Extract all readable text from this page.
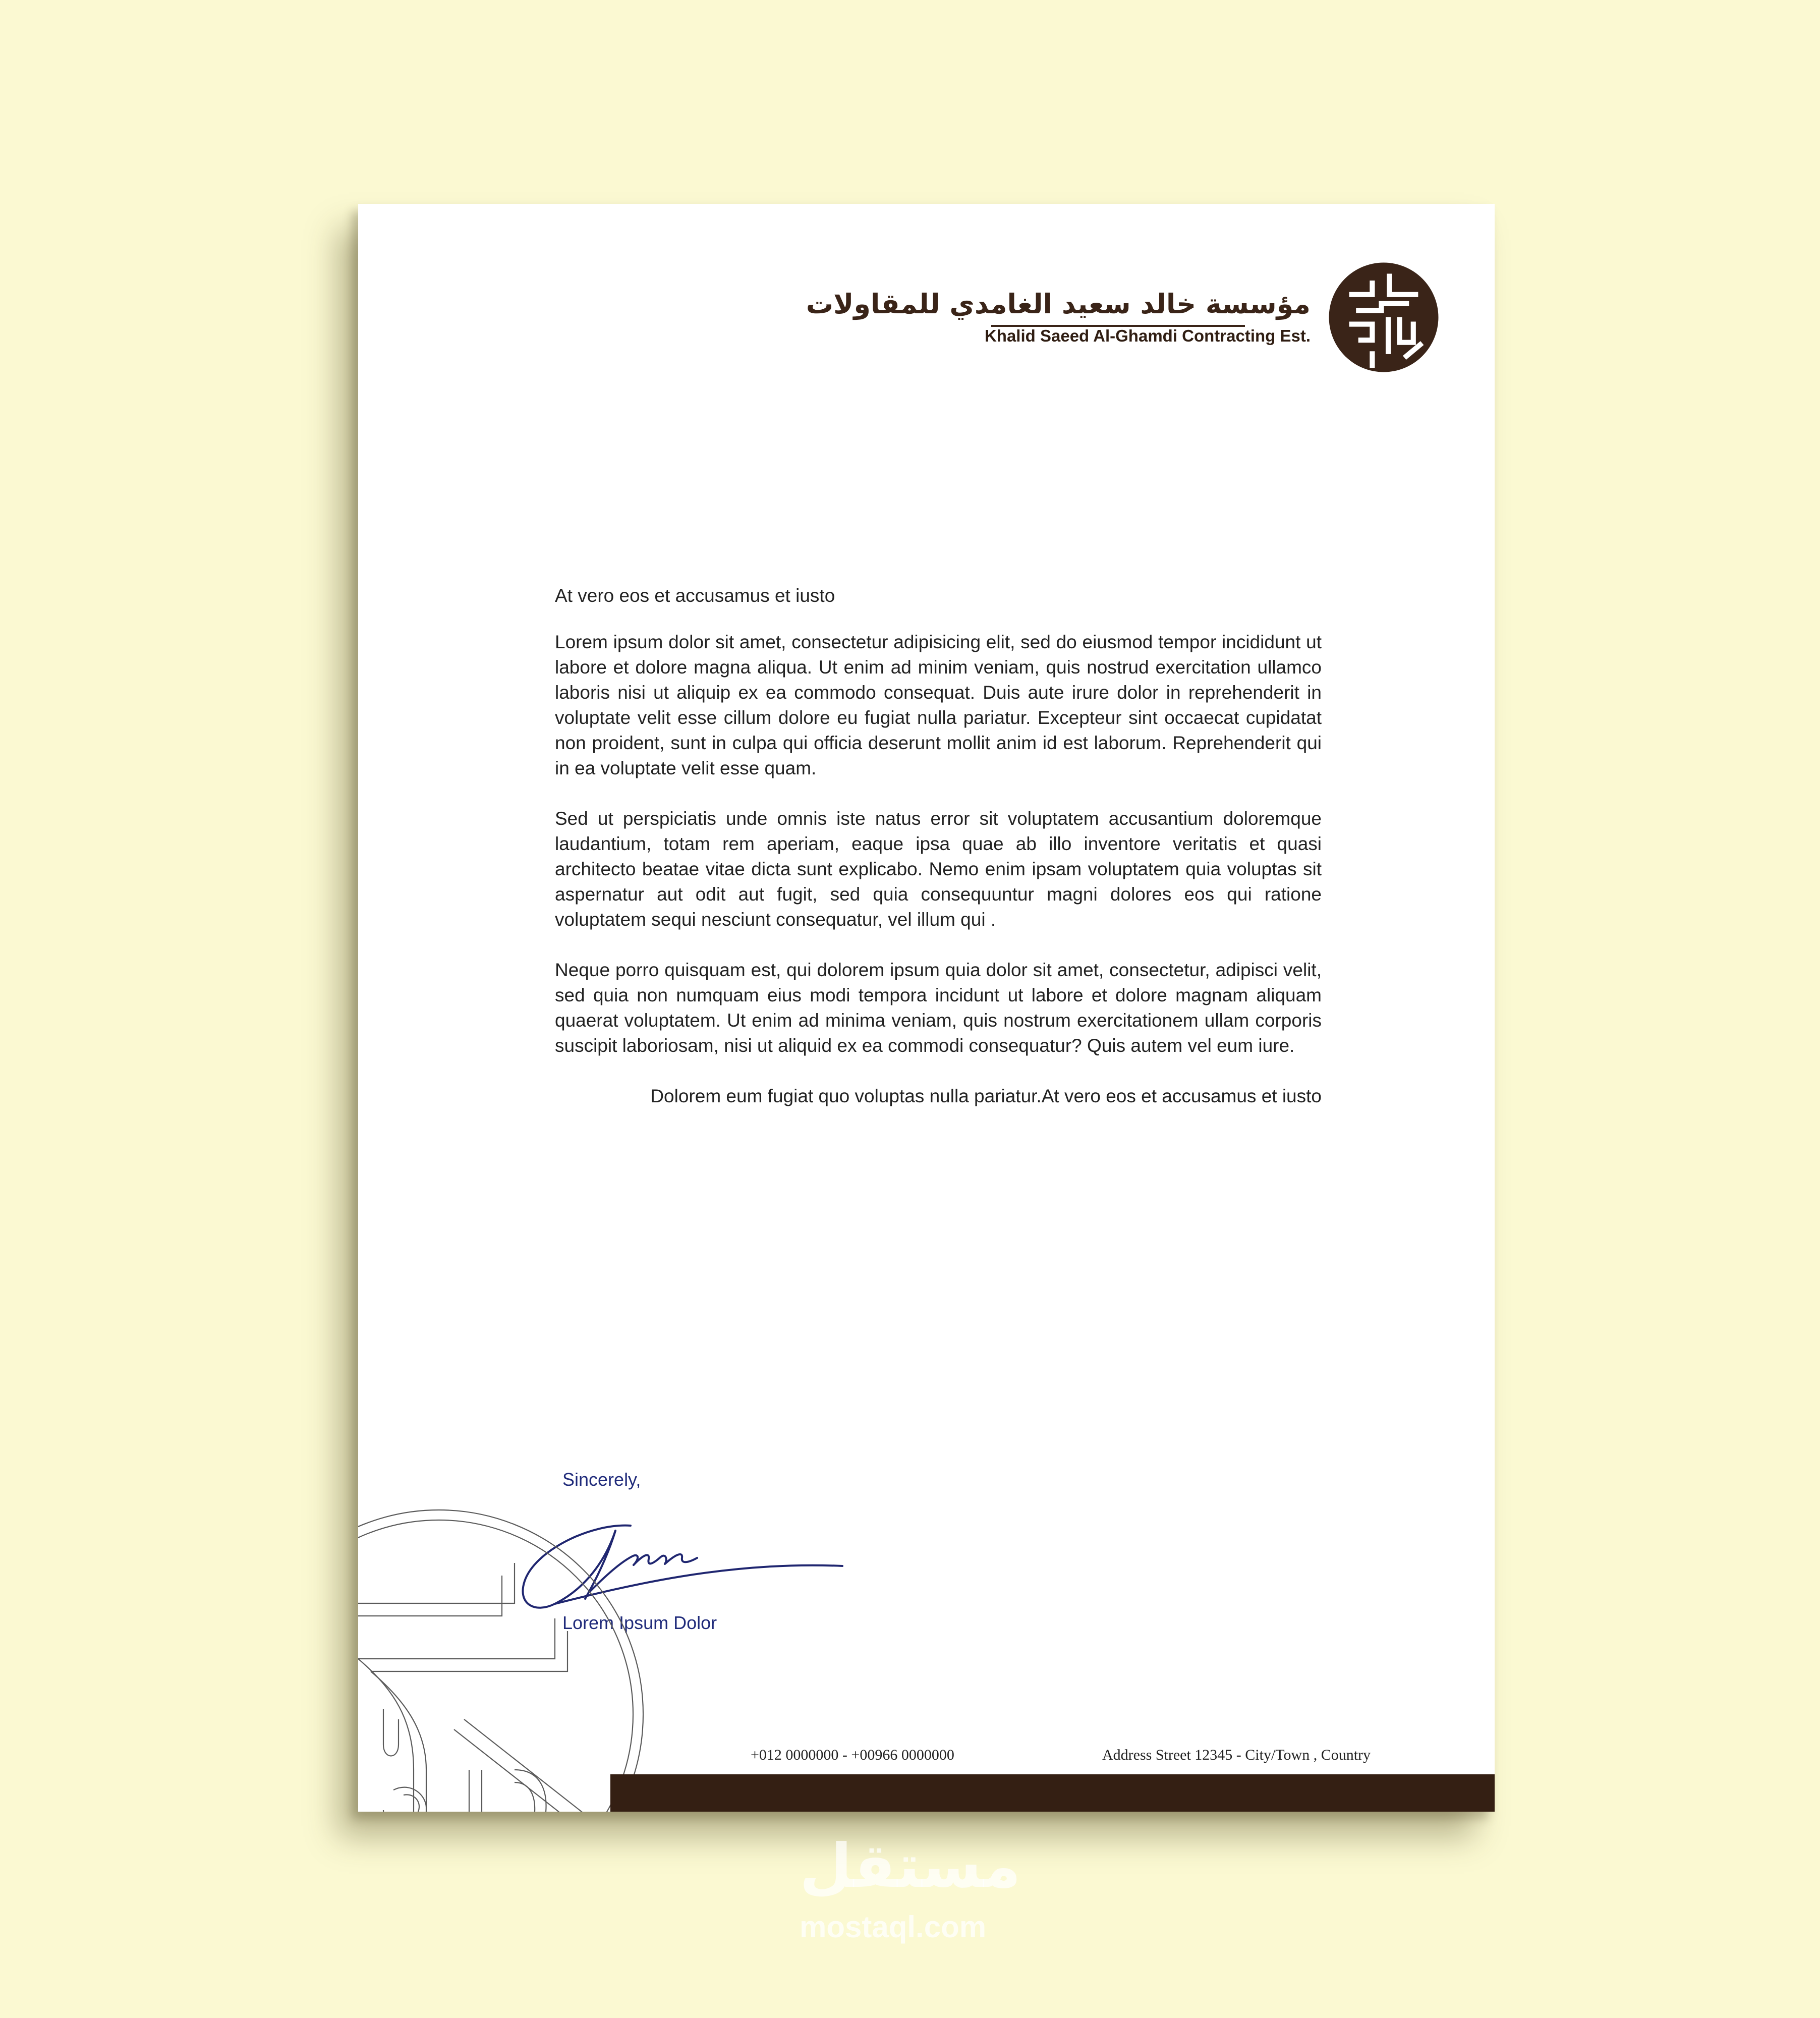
مؤسسة خالد سعيد الغامدي للمقاولات
Khalid Saeed Al-Ghamdi Contracting Est.

At vero eos et accusamus et iusto

Lorem ipsum dolor sit amet, consectetur adipisicing elit, sed do eiusmod tempor incididunt ut labore et dolore magna aliqua. Ut enim ad minim veniam, quis nostrud exercitation ullamco laboris nisi ut aliquip ex ea commodo consequat. Duis aute irure dolor in reprehenderit in voluptate velit esse cillum dolore eu fugiat nulla pariatur. Excepteur sint occaecat cupidatat non proident, sunt in culpa qui officia deserunt mollit anim id est laborum. Reprehenderit qui in ea voluptate velit esse quam.

Sed ut perspiciatis unde omnis iste natus error sit voluptatem accusantium doloremque laudantium, totam rem aperiam, eaque ipsa quae ab illo inventore veritatis et quasi architecto beatae vitae dicta sunt explicabo. Nemo enim ipsam voluptatem quia voluptas sit aspernatur aut odit aut fugit, sed quia consequuntur magni dolores eos qui ratione voluptatem sequi nesciunt consequatur, vel illum qui .

Neque porro quisquam est, qui dolorem ipsum quia dolor sit amet, consectetur, adipisci velit, sed quia non numquam eius modi tempora incidunt ut labore et dolore magnam aliquam quaerat voluptatem. Ut enim ad minima veniam, quis nostrum exercitationem ullam corporis suscipit laboriosam, nisi ut aliquid ex ea commodi consequatur? Quis autem vel eum iure.

Dolorem eum fugiat quo voluptas nulla pariatur.At vero eos et accusamus et iusto

Sincerely,
Lorem Ipsum Dolor
+012 0000000 - +00966 0000000	Address Street 12345 - City/Town , Country
مستقل
mostaql.com
